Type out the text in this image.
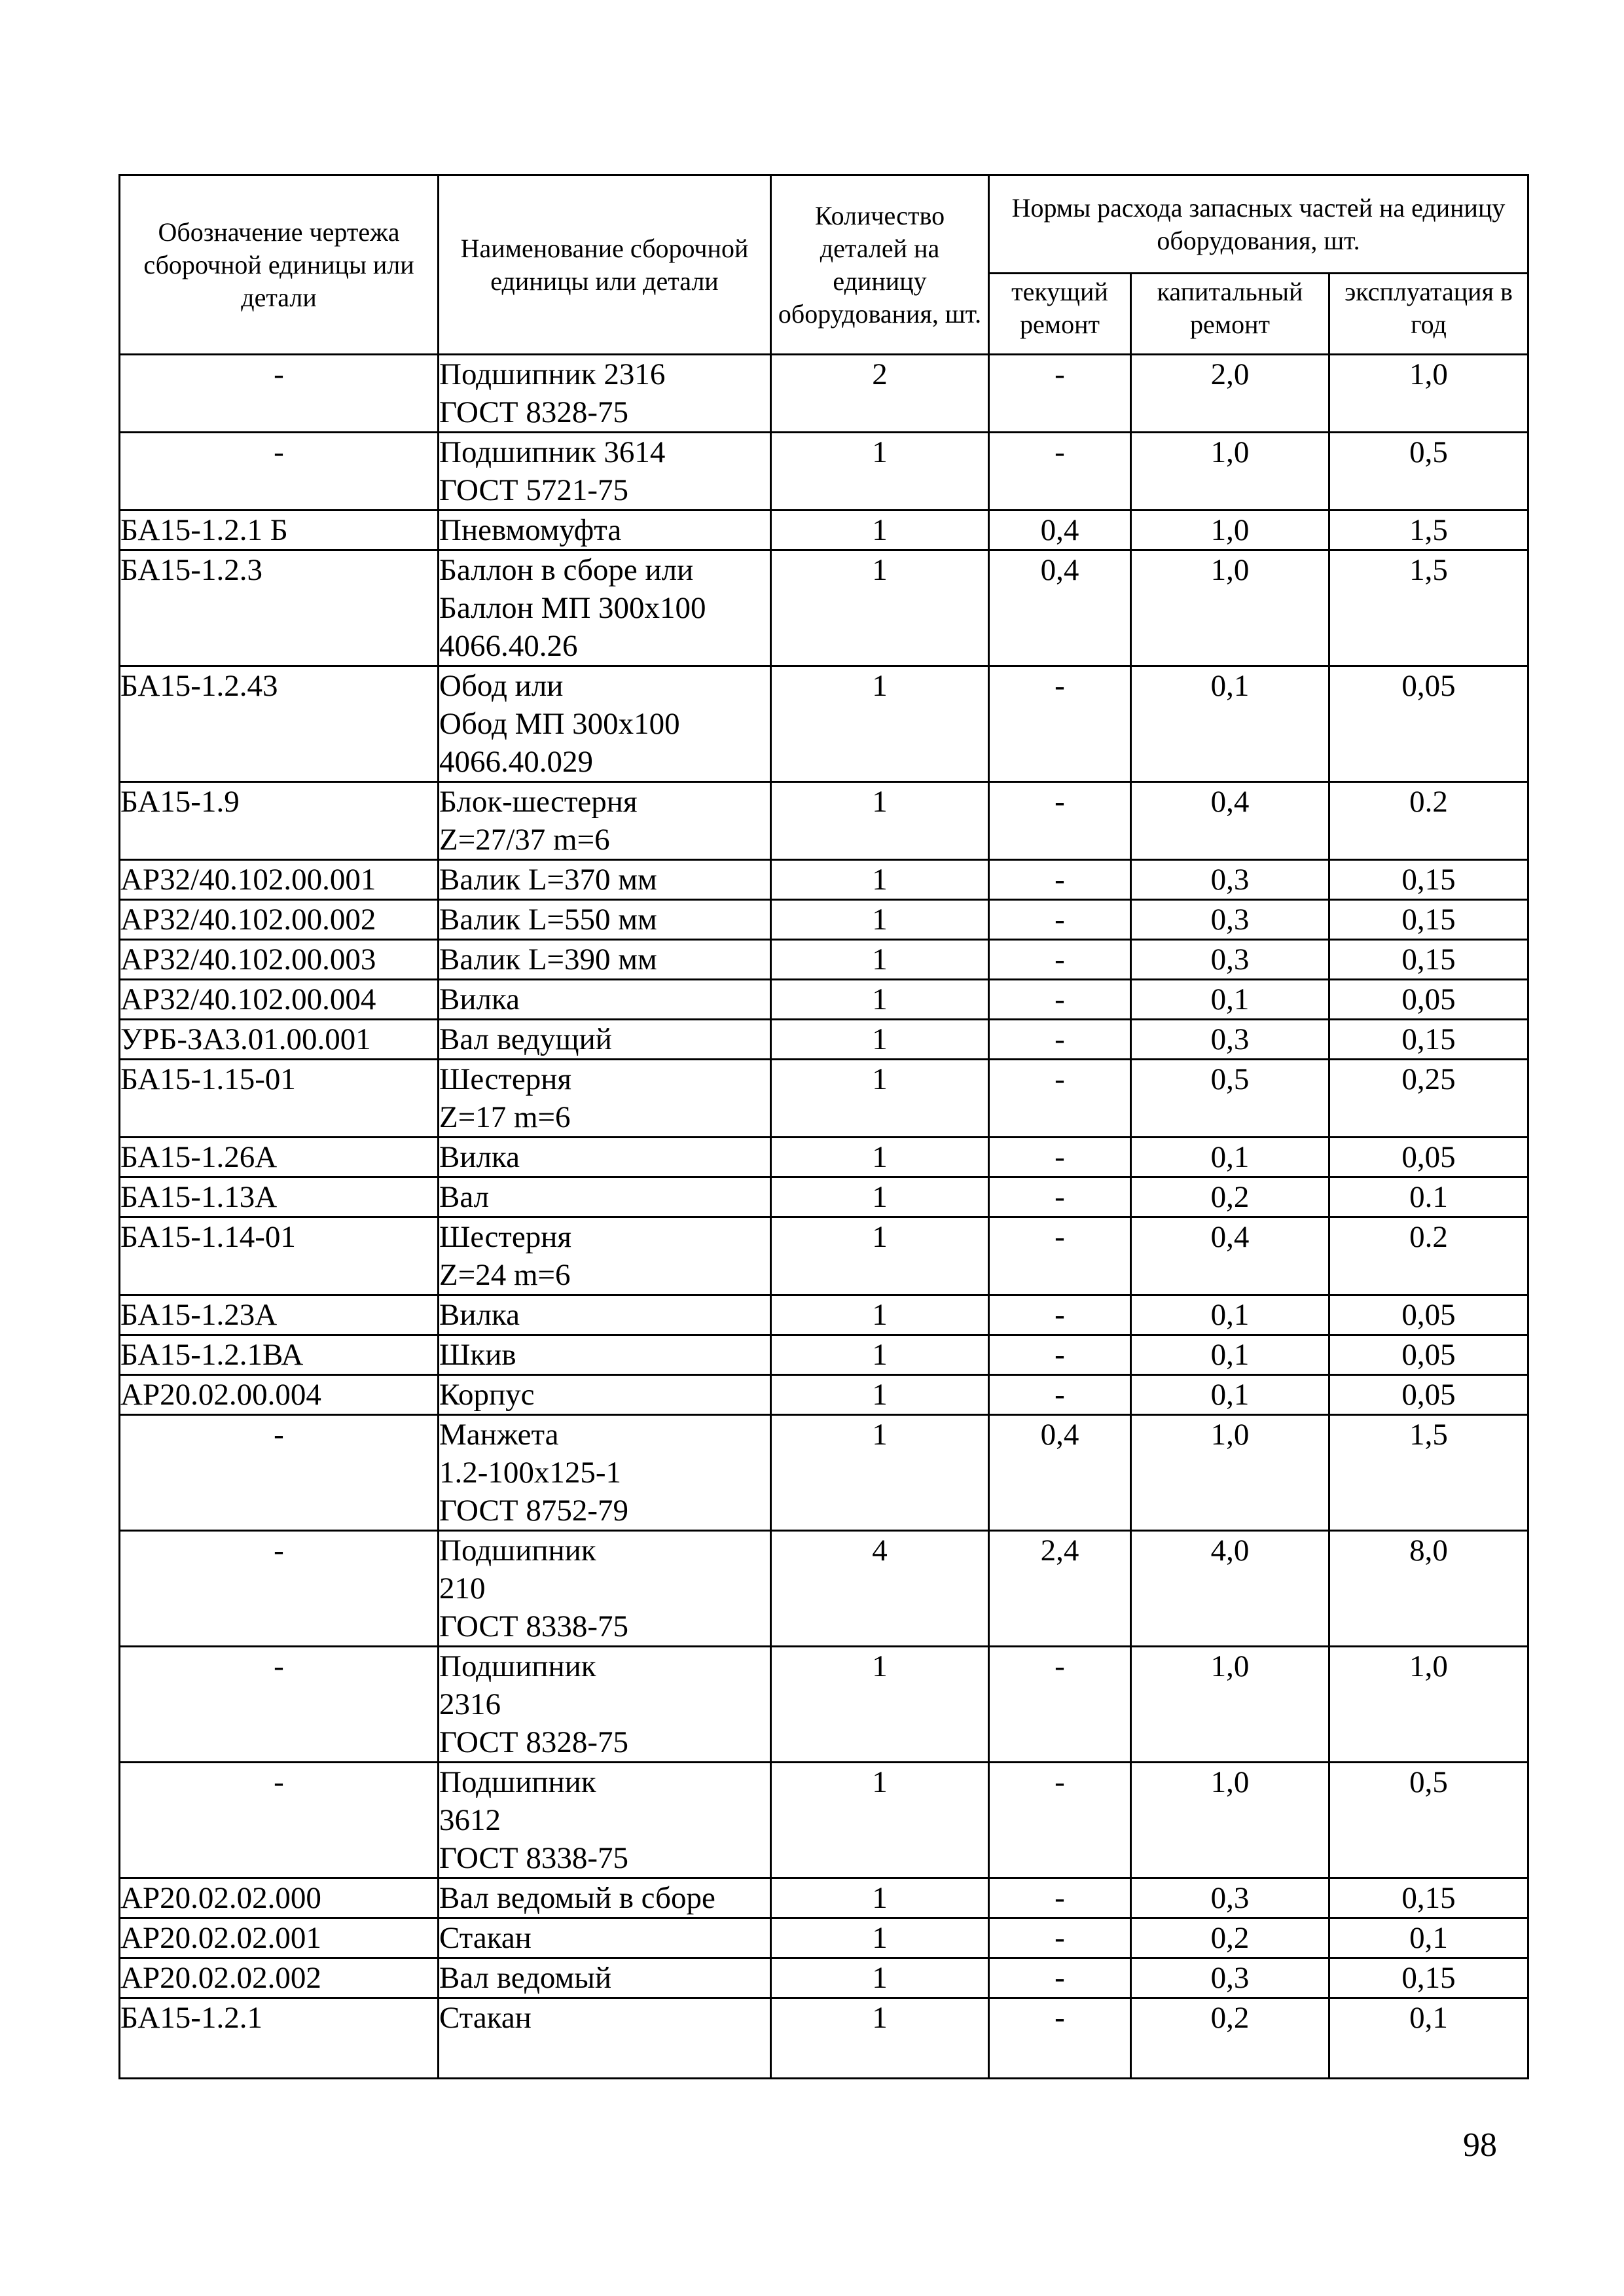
Обозначение чертежа сборочной единицы или детали	Наименование сборочной единицы или детали	Количество деталей на единицу оборудования, шт.	Нормы расхода запасных частей на единицу оборудования, шт.		
			текущий ремонт	капитальный ремонт	эксплуатация в год
-	Подшипник 2316
ГОСТ 8328-75	2	-	2,0	1,0
-	Подшипник 3614
ГОСТ 5721-75	1	-	1,0	0,5
БА15-1.2.1 Б	Пневмомуфта	1	0,4	1,0	1,5
БА15-1.2.3	Баллон в сборе или
Баллон МП 300х100
4066.40.26	1	0,4	1,0	1,5
БА15-1.2.43	Обод или
Обод МП 300х100
4066.40.029	1	-	0,1	0,05
БА15-1.9	Блок-шестерня
Z=27/37 m=6	1	-	0,4	0.2
АР32/40.102.00.001	Валик L=370 мм	1	-	0,3	0,15
АР32/40.102.00.002	Валик L=550 мм	1	-	0,3	0,15
АР32/40.102.00.003	Валик L=390 мм	1	-	0,3	0,15
АР32/40.102.00.004	Вилка	1	-	0,1	0,05
УРБ-ЗА3.01.00.001	Вал ведущий	1	-	0,3	0,15
БА15-1.15-01	Шестерня
Z=17 m=6	1	-	0,5	0,25
БА15-1.26А	Вилка	1	-	0,1	0,05
БА15-1.13А	Вал	1	-	0,2	0.1
БА15-1.14-01	Шестерня
Z=24 m=6	1	-	0,4	0.2
БА15-1.23А	Вилка	1	-	0,1	0,05
БА15-1.2.1ВА	Шкив	1	-	0,1	0,05
АР20.02.00.004	Корпус	1	-	0,1	0,05
-	Манжета
1.2-100х125-1
ГОСТ 8752-79	1	0,4	1,0	1,5
-	Подшипник
210
ГОСТ 8338-75	4	2,4	4,0	8,0
-	Подшипник
2316
ГОСТ 8328-75	1	-	1,0	1,0
-	Подшипник
3612
ГОСТ 8338-75	1	-	1,0	0,5
АР20.02.02.000	Вал ведомый в сборе	1	-	0,3	0,15
АР20.02.02.001	Стакан	1	-	0,2	0,1
АР20.02.02.002	Вал ведомый	1	-	0,3	0,15
БА15-1.2.1	Стакан	1	-	0,2	0,1
98
